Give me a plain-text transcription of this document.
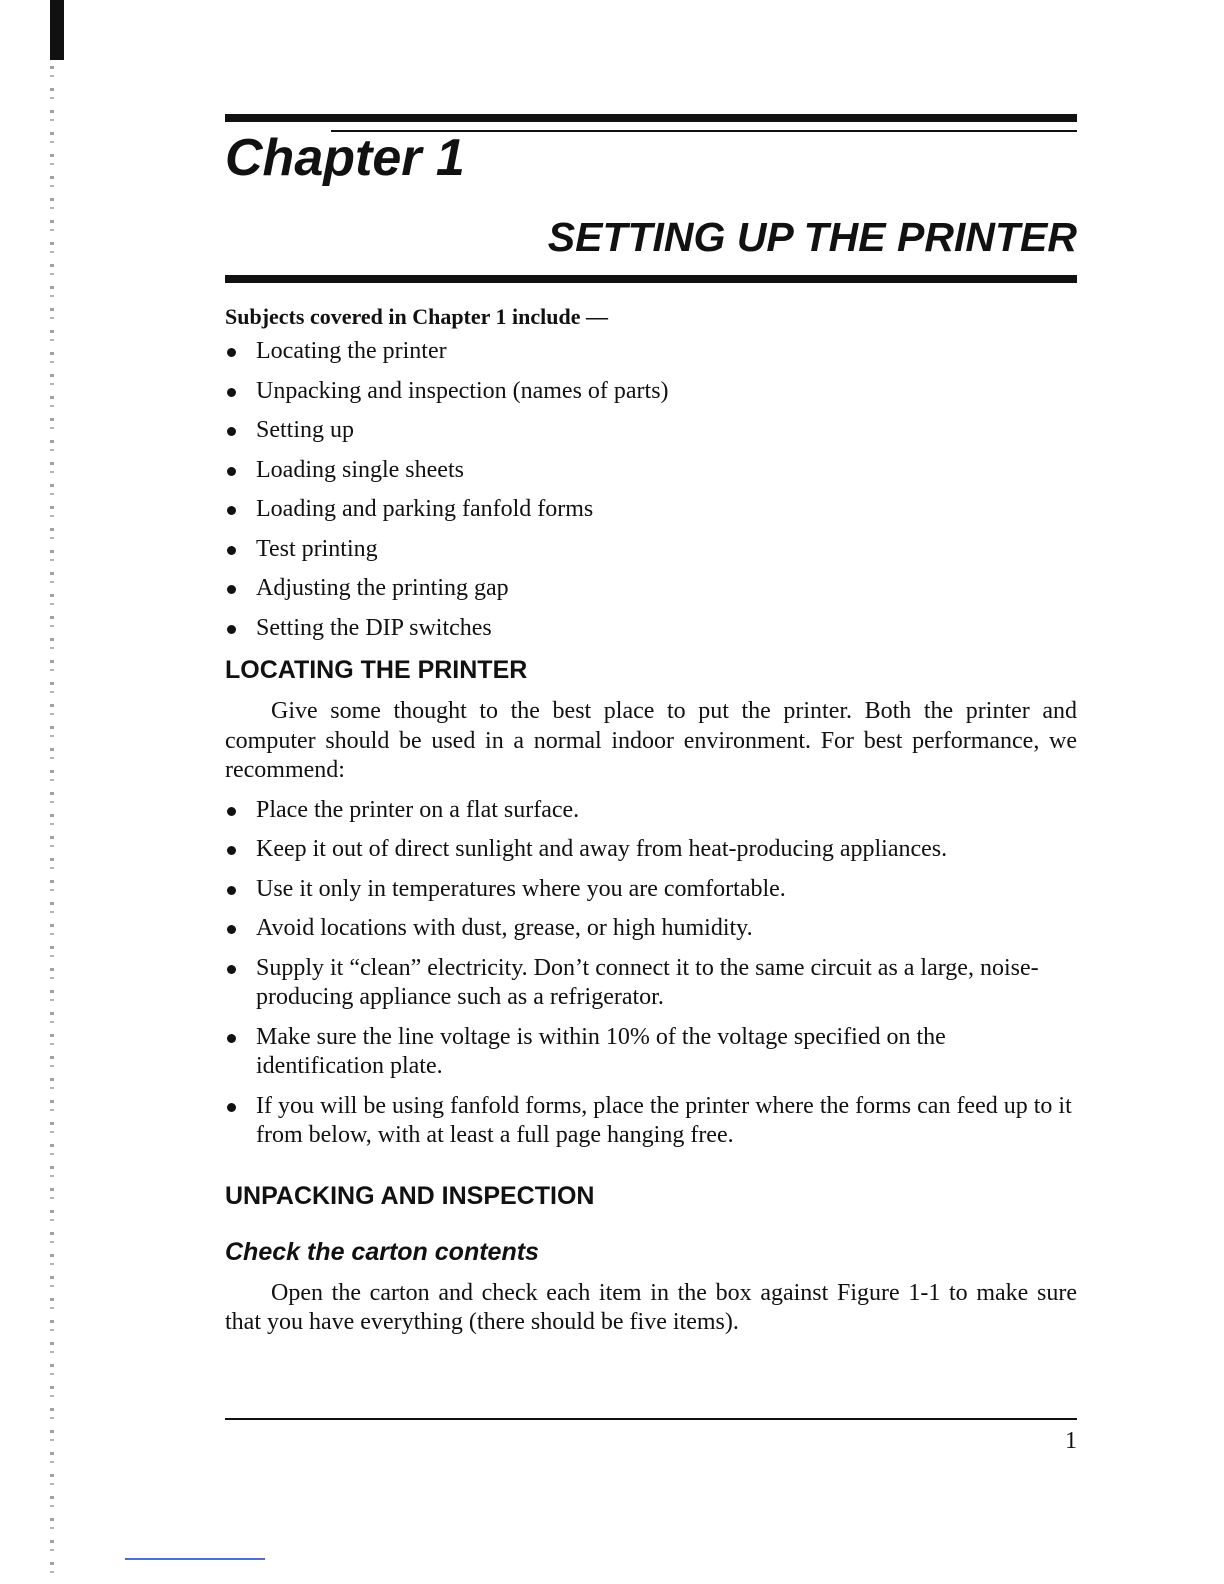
Chapter 1
SETTING UP THE PRINTER

Subjects covered in Chapter 1 include —

Locating the printer
Unpacking and inspection (names of parts)
Setting up
Loading single sheets
Loading and parking fanfold forms
Test printing
Adjusting the printing gap
Setting the DIP switches
LOCATING THE PRINTER

Give some thought to the best place to put the printer. Both the printer and computer should be used in a normal indoor environment. For best performance, we recommend:

Place the printer on a flat surface.
Keep it out of direct sunlight and away from heat-producing appliances.
Use it only in temperatures where you are comfortable.
Avoid locations with dust, grease, or high humidity.
Supply it “clean” electricity. Don’t connect it to the same circuit as a large, noise-producing appliance such as a refrigerator.
Make sure the line voltage is within 10% of the voltage specified on the identification plate.
If you will be using fanfold forms, place the printer where the forms can feed up to it from below, with at least a full page hanging free.
UNPACKING AND INSPECTION
Check the carton contents

Open the carton and check each item in the box against Figure 1-1 to make sure that you have everything (there should be five items).

1
